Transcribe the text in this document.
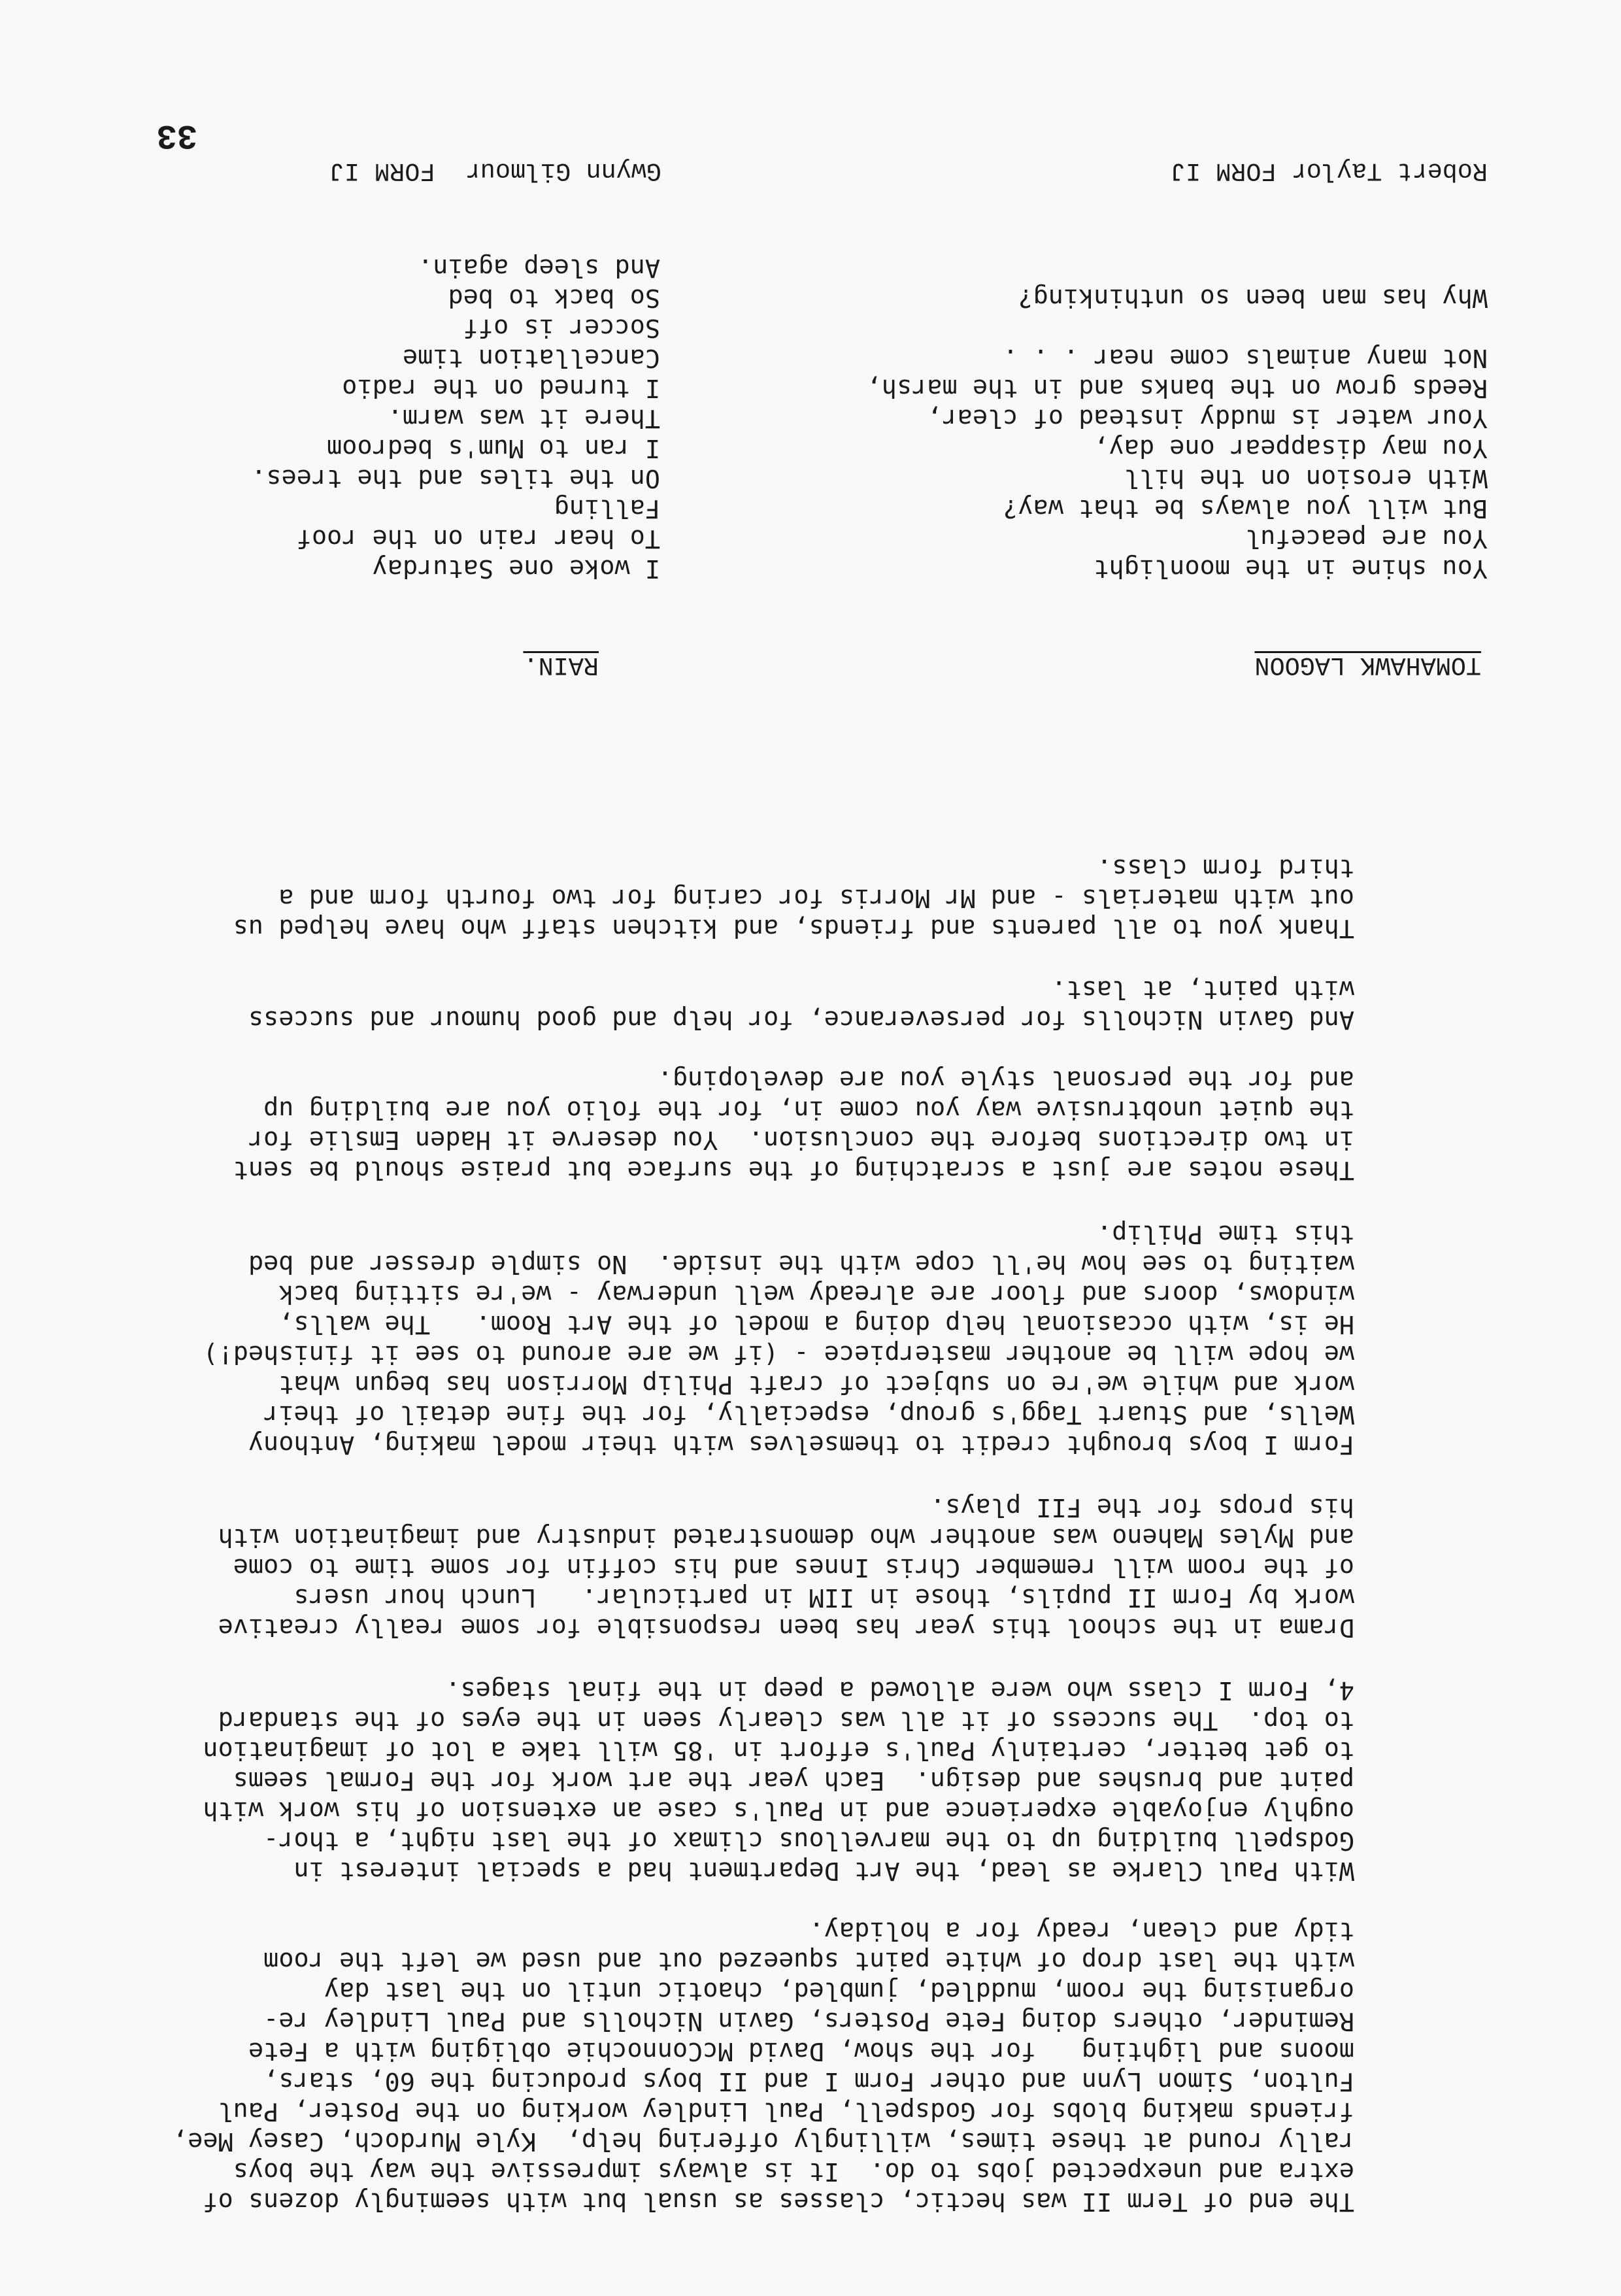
The end of Term II was hectic, classes as usual but with seemingly dozens of
extra and unexpected jobs to do.  It is always impressive the way the boys
rally round at these times, willingly offering help,  Kyle Murdoch, Casey Mee,
friends making blobs for Godspell, Paul Lindley working on the Poster, Paul
Fulton, Simon Lynn and other Form I and II boys producing the 60, stars,
moons and lighting   for the show, David McConnochie obliging with a Fete
Reminder, others doing Fete Posters, Gavin Nicholls and Paul Lindley re-
organising the room, muddled, jumbled, chaotic until on the last day
with the last drop of white paint squeezed out and used we left the room
tidy and clean, ready for a holiday.
With Paul Clarke as lead, the Art Department had a special interest in
Godspell building up to the marvellous climax of the last night, a thor-
oughly enjoyable experience and in Paul's case an extension of his work with
paint and brushes and design.  Each year the art work for the Formal seems
to get better, certainly Paul's effort in '85 will take a lot of imagination
to top.  The success of it all was clearly seen in the eyes of the standard
4, Form I class who were allowed a peep in the final stages.
Drama in the school this year has been responsible for some really creative
work by Form II pupils, those in IIM in particular.   Lunch hour users
of the room will remember Chris Innes and his coffin for some time to come
and Myles Maheno was another who demonstrated industry and imagination with
his props for the FII plays.
Form I boys brought credit to themselves with their model making, Anthony
Wells, and Stuart Tagg's group, especially, for the fine detail of their
work and while we're on subject of craft Philip Morrison has begun what
we hope will be another masterpiece - (if we are around to see it finished!)
He is, with occasional help doing a model of the Art Room.   The walls,
windows, doors and floor are already well underway - we're sitting back
waiting to see how he'll cope with the inside.  No simple dresser and bed
this time Philip.
These notes are just a scratching of the surface but praise should be sent
in two directions before the conclusion.  You deserve it Haden Emslie for
the quiet unobtrusive way you come in, for the folio you are building up
and for the personal style you are developing.
And Gavin Nicholls for perseverance, for help and good humour and success
with paint, at last.
Thank you to all parents and friends, and kitchen staff who have helped us
out with materials - and Mr Morris for caring for two fourth form and a
third form class.
RAIN.	TOMAHAWK LAGOON
I woke one Saturday
To hear rain on the roof
Falling
On the tiles and the trees.
I ran to Mum's bedroom
There it was warm.
I turned on the radio
Cancellation time
Soccer is off
So back to bed
And sleep again.
You shine in the moonlight
You are peaceful
But will you always be that way?
With erosion on the hill
You may disappear one day,
Your water is muddy instead of clear,
Reeds grow on the banks and in the marsh,
Not many animals come near . . .

Why has man been so unthinking?
Gwynn Gilmour  FORM IJ	Robert Taylor FORM IJ
33
